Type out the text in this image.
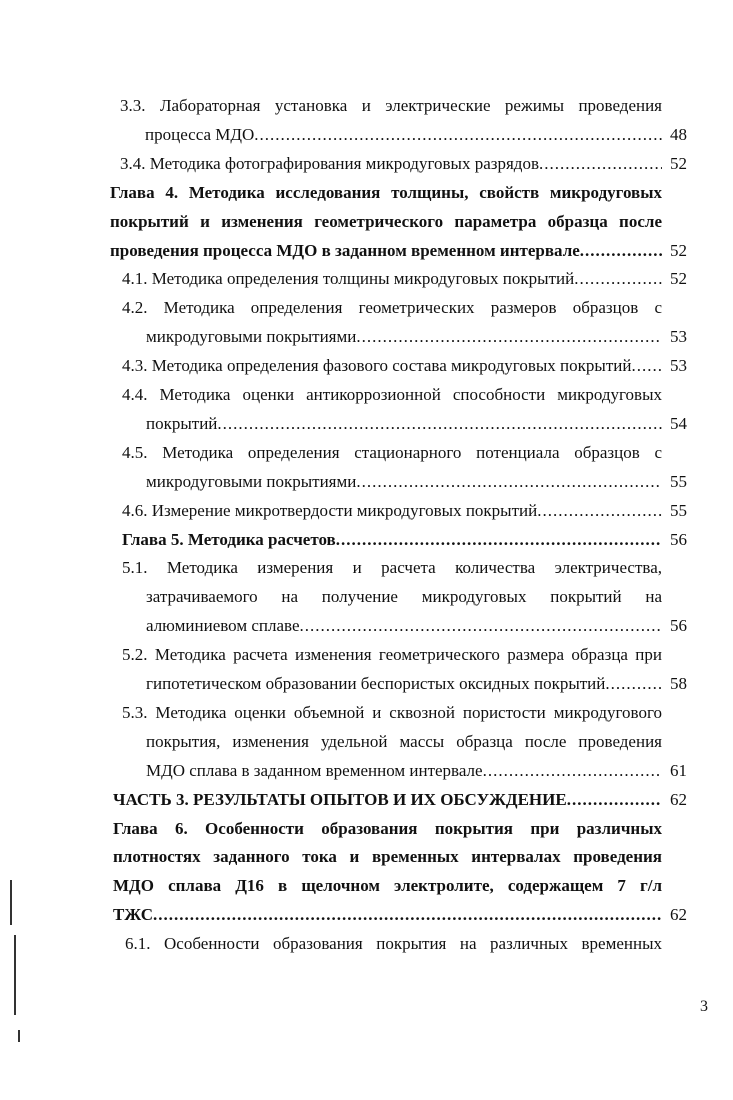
3.3. Лабораторная установка и электрические режимы проведения
процесса МДО .....	48
3.4. Методика фотографирования микродуговых разрядов .....	52
Глава 4. Методика исследования толщины, свойств микродуговых
покрытий и изменения геометрического параметра образца после
проведения процесса МДО в заданном временном интервале .....	52
4.1. Методика определения толщины микродуговых покрытий .....	52
4.2. Методика определения геометрических размеров образцов с
микродуговыми покрытиями .....	53
4.3. Методика определения фазового состава микродуговых покрытий .....	53
4.4. Методика оценки антикоррозионной способности микродуговых
покрытий .....	54
4.5. Методика определения стационарного потенциала образцов с
микродуговыми покрытиями .....	55
4.6. Измерение микротвердости микродуговых покрытий .....	55
Глава 5. Методика расчетов .....	56
5.1. Методика измерения и расчета количества электричества,
затрачиваемого на получение микродуговых покрытий на
алюминиевом сплаве .....	56
5.2. Методика расчета изменения геометрического размера образца при
гипотетическом образовании беспористых оксидных покрытий .....	58
5.3. Методика оценки объемной и сквозной пористости микродугового
покрытия, изменения удельной массы образца после проведения
МДО сплава в заданном временном интервале .....	61
ЧАСТЬ 3. РЕЗУЛЬТАТЫ ОПЫТОВ И ИХ ОБСУЖДЕНИЕ .....	62
Глава 6. Особенности образования покрытия при различных
плотностях заданного тока и временных интервалах проведения
МДО сплава Д16 в щелочном электролите, содержащем 7 г/л
ТЖС .....	62
6.1. Особенности образования покрытия на различных временных
3
